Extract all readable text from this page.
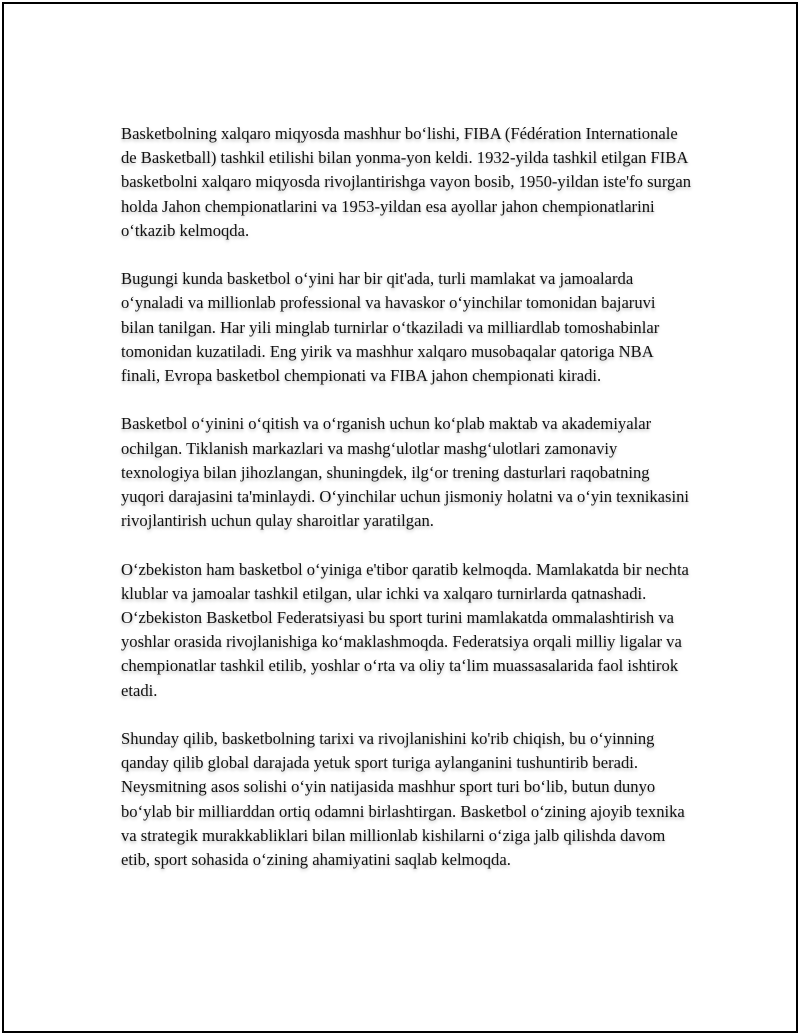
Basketbolning xalqaro miqyosda mashhur bo‘lishi, FIBA (Fédération Internationale de Basketball) tashkil etilishi bilan yonma-yon keldi. 1932-yilda tashkil etilgan FIBA basketbolni xalqaro miqyosda rivojlantirishga vayon bosib, 1950-yildan iste'fo surgan holda Jahon chempionatlarini va 1953-yildan esa ayollar jahon chempionatlarini o‘tkazib kelmoqda.

Bugungi kunda basketbol o‘yini har bir qit'ada, turli mamlakat va jamoalarda o‘ynaladi va millionlab professional va havaskor o‘yinchilar tomonidan bajaruvi bilan tanilgan. Har yili minglab turnirlar o‘tkaziladi va milliardlab tomoshabinlar tomonidan kuzatiladi. Eng yirik va mashhur xalqaro musobaqalar qatoriga NBA finali, Evropa basketbol chempionati va FIBA jahon chempionati kiradi.

Basketbol o‘yinini o‘qitish va o‘rganish uchun ko‘plab maktab va akademiyalar ochilgan. Tiklanish markazlari va mashg‘ulotlar mashg‘ulotlari zamonaviy texnologiya bilan jihozlangan, shuningdek, ilg‘or trening dasturlari raqobatning yuqori darajasini ta'minlaydi. O‘yinchilar uchun jismoniy holatni va o‘yin texnikasini rivojlantirish uchun qulay sharoitlar yaratilgan.

O‘zbekiston ham basketbol o‘yiniga e'tibor qaratib kelmoqda. Mamlakatda bir nechta klublar va jamoalar tashkil etilgan, ular ichki va xalqaro turnirlarda qatnashadi. O‘zbekiston Basketbol Federatsiyasi bu sport turini mamlakatda ommalashtirish va yoshlar orasida rivojlanishiga ko‘maklashmoqda. Federatsiya orqali milliy ligalar va chempionatlar tashkil etilib, yoshlar o‘rta va oliy ta‘lim muassasalarida faol ishtirok etadi.

Shunday qilib, basketbolning tarixi va rivojlanishini ko'rib chiqish, bu o‘yinning qanday qilib global darajada yetuk sport turiga aylanganini tushuntirib beradi. Neysmitning asos solishi o‘yin natijasida mashhur sport turi bo‘lib, butun dunyo bo‘ylab bir milliarddan ortiq odamni birlashtirgan. Basketbol o‘zining ajoyib texnika va strategik murakkabliklari bilan millionlab kishilarni o‘ziga jalb qilishda davom etib, sport sohasida o‘zining ahamiyatini saqlab kelmoqda.
